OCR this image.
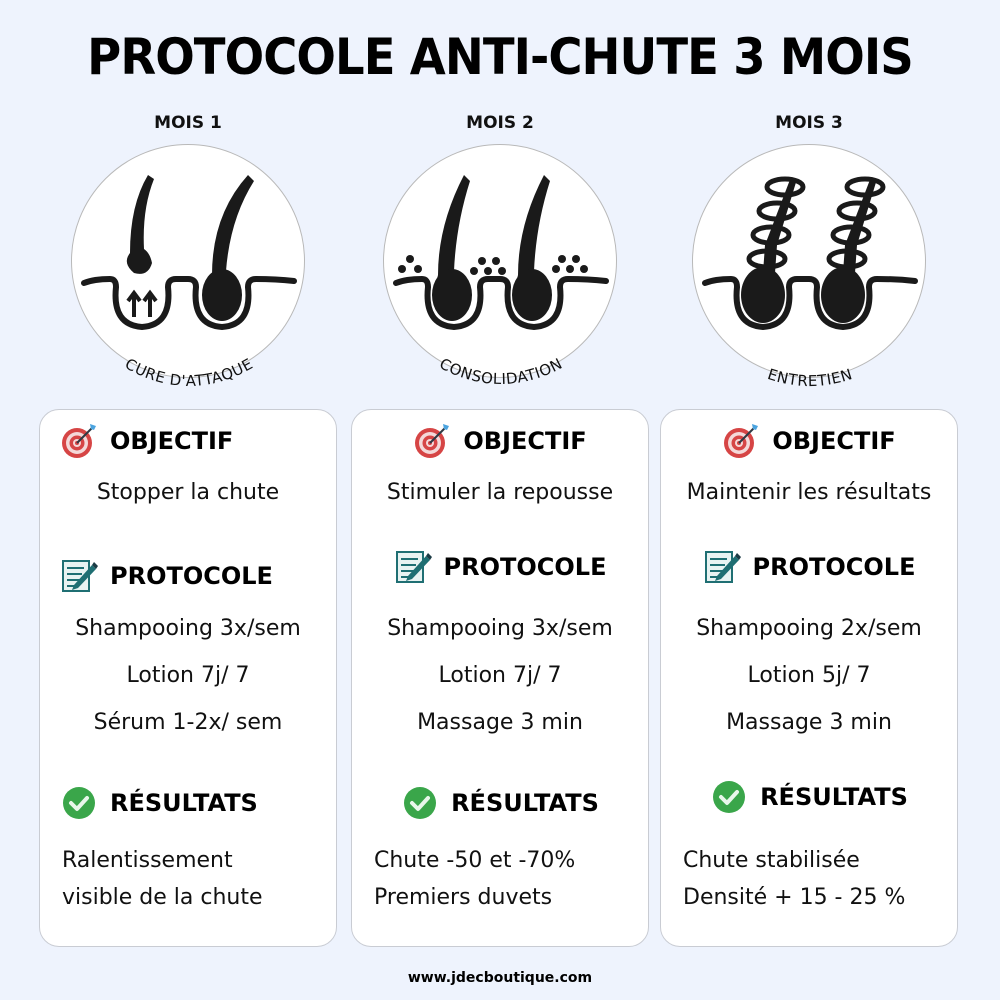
PROTOCOLE ANTI-CHUTE 3 MOIS
MOIS 1
CURE D'ATTAQUE
OBJECTIF
Stopper la chute
PROTOCOLE
Shampooing 3x/sem
Lotion 7j/ 7
Sérum 1-2x/ sem
RÉSULTATS
Ralentissement
visible de la chute
MOIS 2
CONSOLIDATION
OBJECTIF
Stimuler la repousse
PROTOCOLE
Shampooing 3x/sem
Lotion 7j/ 7
Massage 3 min
RÉSULTATS
Chute -50 et -70%
Premiers duvets
MOIS 3
ENTRETIEN
OBJECTIF
Maintenir les résultats
PROTOCOLE
Shampooing 2x/sem
Lotion 5j/ 7
Massage 3 min
RÉSULTATS
Chute stabilisée
Densité + 15 - 25 %
www.jdecboutique.com
